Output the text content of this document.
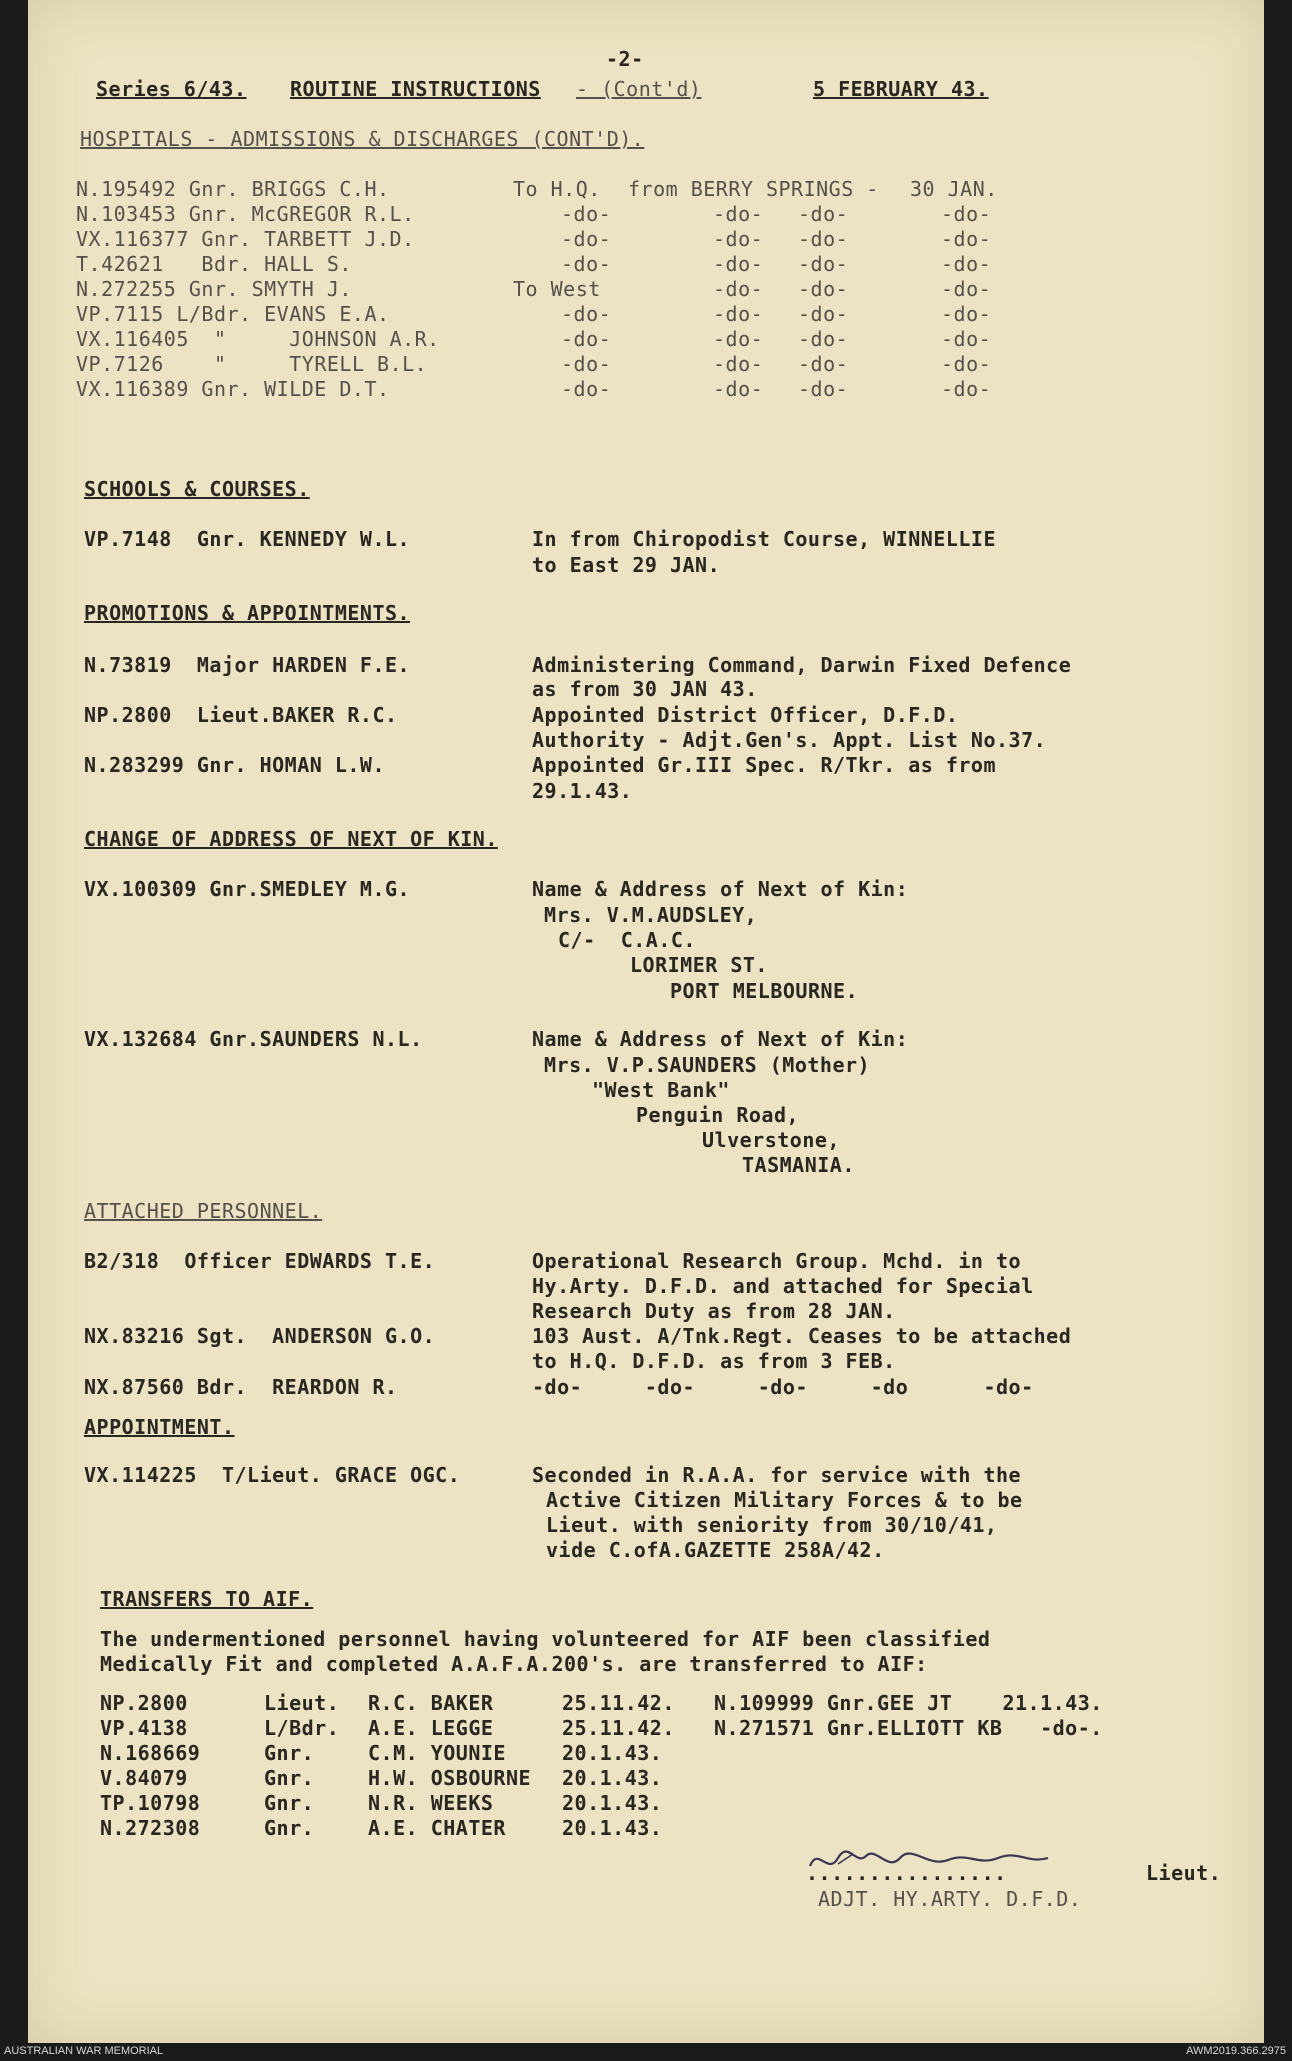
-2-
Series 6/43. ROUTINE INSTRUCTIONS - (Cont'd)	5 FEBRUARY 43.
HOSPITALS - ADMISSIONS & DISCHARGES (CONT'D).
N.195492 Gnr. BRIGGS C.H.	To H.Q. from BERRY SPRINGS - 30 JAN.
N.103453 Gnr. McGREGOR R.L.	-do-	-do- -do-	-do-
VX.116377 Gnr. TARBETT J.D.	-do-	-do- -do-	-do-
T.42621 Bdr. HALL S.	-do-	-do- -do-	-do-
N.272255 Gnr. SMYTH J.	To West	-do- -do-	-do-
VP.7115 L/Bdr. EVANS E.A.	-do-	-do- -do-	-do-
VX.116405 "	JOHNSON A.R.	-do-	-do- -do-	-do-
VP.7126	"	TYRELL B.L.	-do-	-do- -do-	-do-
VX.116389 Gnr. WILDE D.T.	-do-	-do- -do-	-do-
SCHOOLS & COURSES.
VP.7148  Gnr. KENNEDY W.L.	In from Chiropodist Course, WINNELLIE
to East 29 JAN.
PROMOTIONS & APPOINTMENTS.
N.73819  Major HARDEN F.E.	Administering Command, Darwin Fixed Defence
as from 30 JAN 43.
NP.2800  Lieut.BAKER R.C.	Appointed District Officer, D.F.D.
Authority - Adjt.Gen's. Appt. List No.37.
N.283299 Gnr. HOMAN L.W.	Appointed Gr.III Spec. R/Tkr. as from
29.1.43.
CHANGE OF ADDRESS OF NEXT OF KIN.
VX.100309 Gnr.SMEDLEY M.G.	Name & Address of Next of Kin:
Mrs. V.M.AUDSLEY,
C/-  C.A.C.
LORIMER ST.
PORT MELBOURNE.
VX.132684 Gnr.SAUNDERS N.L.	Name & Address of Next of Kin:
Mrs. V.P.SAUNDERS (Mother)
"West Bank"
Penguin Road,
Ulverstone,
TASMANIA.
ATTACHED PERSONNEL.
B2/318  Officer EDWARDS T.E.	Operational Research Group. Mchd. in to
Hy.Arty. D.F.D. and attached for Special
Research Duty as from 28 JAN.
NX.83216 Sgt.  ANDERSON G.O.	103 Aust. A/Tnk.Regt. Ceases to be attached
to H.Q. D.F.D. as from 3 FEB.
NX.87560 Bdr.  REARDON R.	-do-     -do-     -do-     -do      -do-
APPOINTMENT.
VX.114225  T/Lieut. GRACE OGC.	Seconded in R.A.A. for service with the
Active Citizen Military Forces & to be
Lieut. with seniority from 30/10/41,
vide C.ofA.GAZETTE 258A/42.
TRANSFERS TO AIF.
The undermentioned personnel having volunteered for AIF been classified
Medically Fit and completed A.A.F.A.200's. are transferred to AIF:
NP.2800	Lieut. R.C. BAKER	25.11.42. N.109999 Gnr.GEE JT    21.1.43.
VP.4138	L/Bdr. A.E. LEGGE	25.11.42. N.271571 Gnr.ELLIOTT KB   -do-.
N.168669	Gnr.	C.M. YOUNIE	20.1.43.
V.84079	Gnr.	H.W. OSBOURNE 20.1.43.
TP.10798	Gnr.	N.R. WEEKS	20.1.43.
N.272308	Gnr.	A.E. CHATER	20.1.43.
................	Lieut.
ADJT. HY.ARTY. D.F.D.
AUSTRALIAN WAR MEMORIAL	AWM2019.366.2975
